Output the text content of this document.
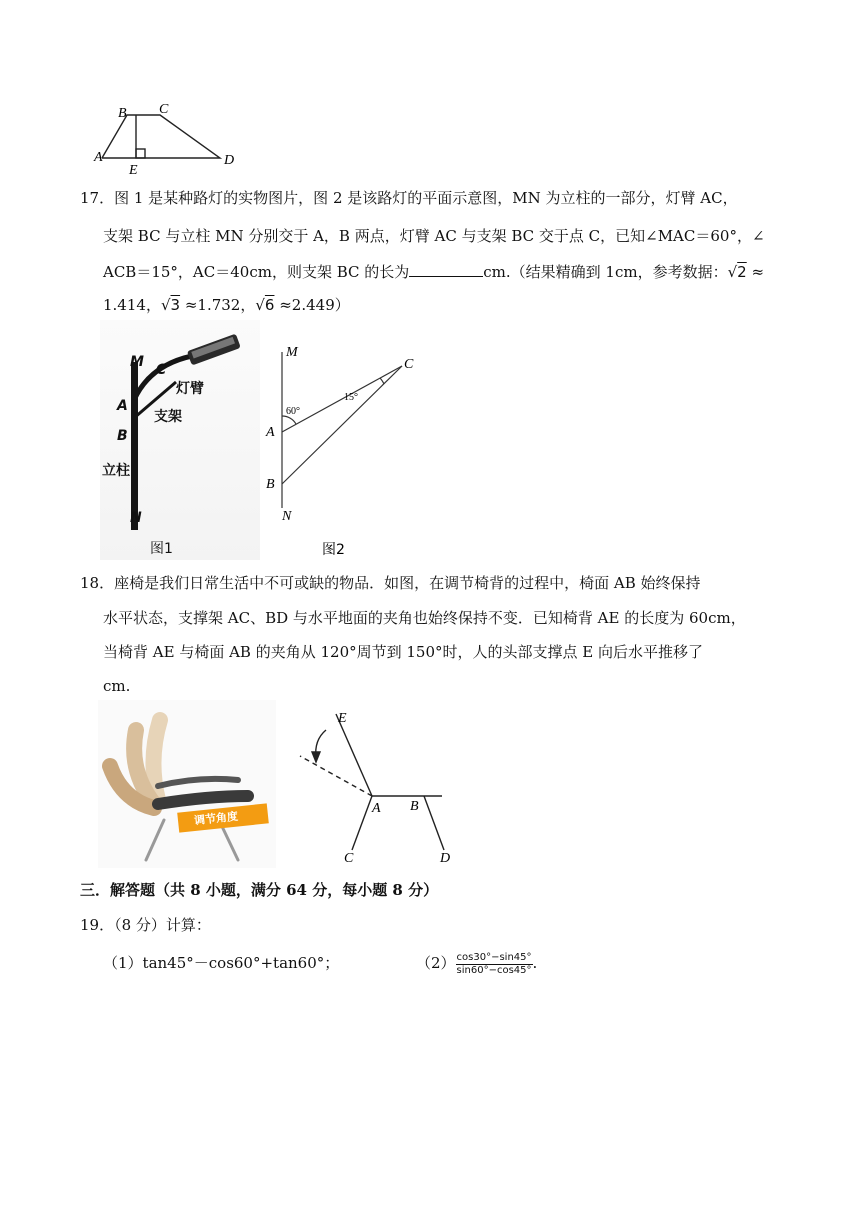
B C
A
E
D
17．图 1 是某种路灯的实物图片，图 2 是该路灯的平面示意图，MN 为立柱的一部分，灯臂 AC，
支架 BC 与立柱 MN 分别交于 A，B 两点，灯臂 AC 与支架 BC 交于点 C，已知∠MAC＝60°，∠
ACB＝15°，AC＝40cm，则支架 BC 的长为	cm.（结果精确到 1cm，参考数据：√2 ≈
1.414，√3 ≈1.732，√6 ≈2.449）
M C
灯臂
A
支架
B
立柱
N
图1
M
C
60°
15°
A
B
N
图2
18．座椅是我们日常生活中不可或缺的物品．如图，在调节椅背的过程中，椅面 AB 始终保持
水平状态，支撑架 AC、BD 与水平地面的夹角也始终保持不变．已知椅背 AE 的长度为 60cm，
当椅背 AE 与椅面 AB 的夹角从 120°周节到 150°时，人的头部支撑点 E 向后水平推移了
cm.
调节角度
E
A B
C	D
三．解答题（共 8 小题，满分 64 分，每小题 8 分）
19．（8 分）计算：
（1）tan45°－cos60°+tan60°；	$(2) \frac{\cos 30^\circ-\sin 45^\circ}{\sin 60^\circ-\cos 45^\circ}$ .
